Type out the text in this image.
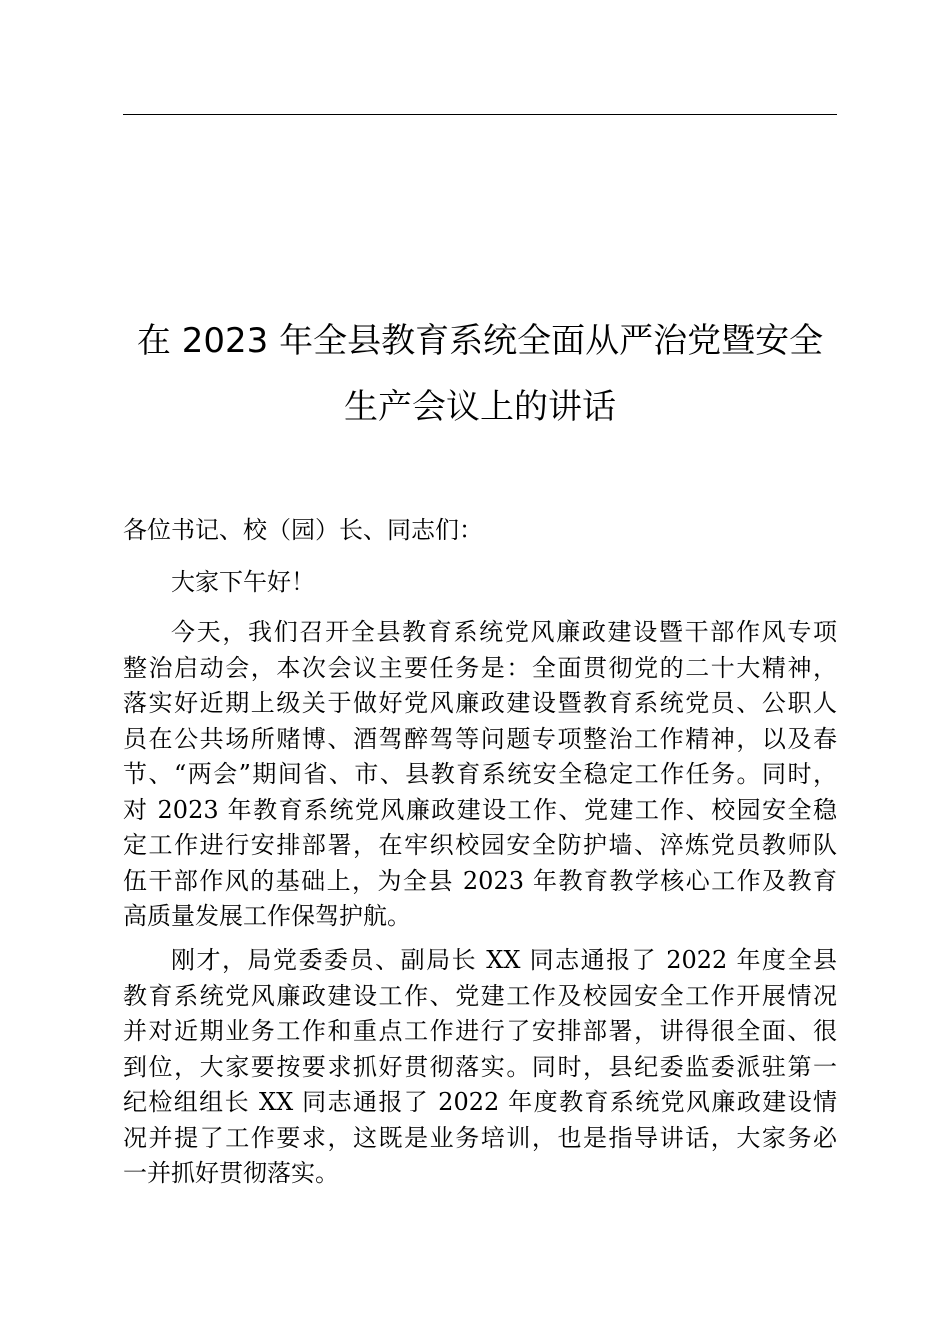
在 2023 年全县教育系统全面从严治党暨安全
生产会议上的讲话
各位书记、校（园）长、同志们：
大家下午好！
今天，我们召开全县教育系统党风廉政建设暨干部作风专项
整治启动会，本次会议主要任务是：全面贯彻党的二十大精神，
落实好近期上级关于做好党风廉政建设暨教育系统党员、公职人
员在公共场所赌博、酒驾醉驾等问题专项整治工作精神，以及春
节、“两会”期间省、市、县教育系统安全稳定工作任务。同时，
对 2023 年教育系统党风廉政建设工作、党建工作、校园安全稳
定工作进行安排部署，在牢织校园安全防护墙、淬炼党员教师队
伍干部作风的基础上，为全县 2023 年教育教学核心工作及教育
高质量发展工作保驾护航。
刚才，局党委委员、副局长 XX 同志通报了 2022 年度全县
教育系统党风廉政建设工作、党建工作及校园安全工作开展情况
并对近期业务工作和重点工作进行了安排部署，讲得很全面、很
到位，大家要按要求抓好贯彻落实。同时，县纪委监委派驻第一
纪检组组长 XX 同志通报了 2022 年度教育系统党风廉政建设情
况并提了工作要求，这既是业务培训，也是指导讲话，大家务必
一并抓好贯彻落实。
